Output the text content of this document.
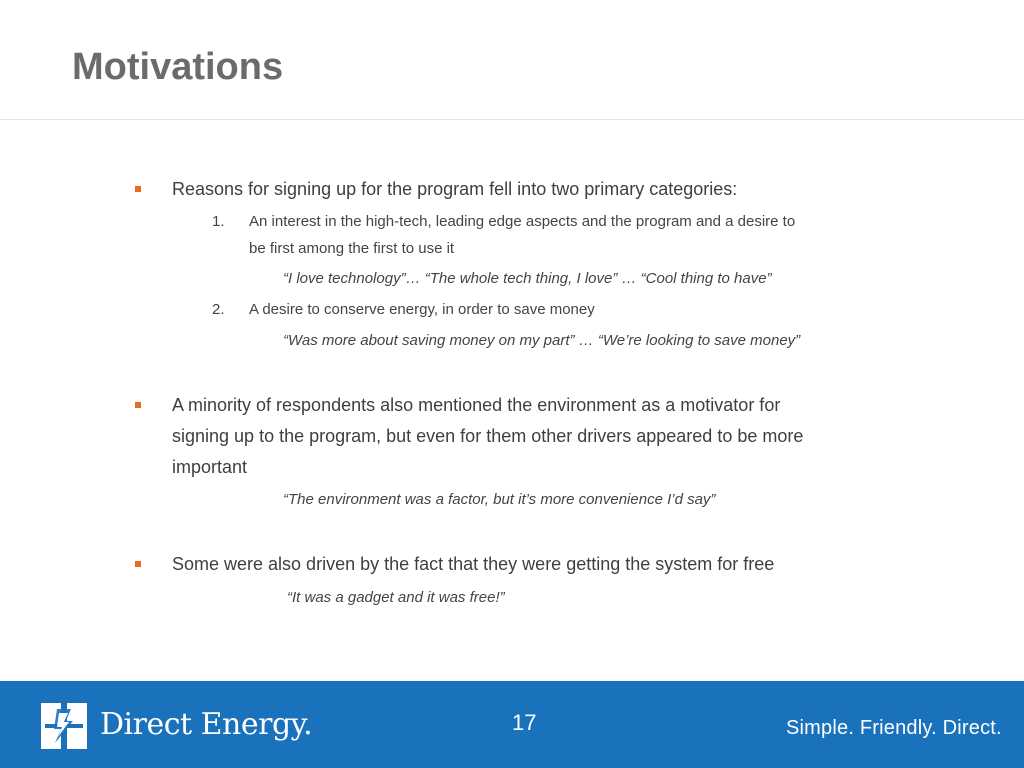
Motivations
Reasons for signing up for the program fell into two primary categories:
1. An interest in the high-tech, leading edge aspects and the program and a desire to
be first among the first to use it
“I love technology”… “The whole tech thing, I love” … “Cool thing to have”
2. A desire to conserve energy, in order to save money
“Was more about saving money on my part” … “We’re looking to save money”
A minority of respondents also mentioned the environment as a motivator for
signing up to the program, but even for them other drivers appeared to be more
important
“The environment was a factor, but it’s more convenience I’d say”
Some were also driven by the fact that they were getting the system for free
“It was a gadget and it was free!”
Direct Energy.	17	Simple. Friendly. Direct.
